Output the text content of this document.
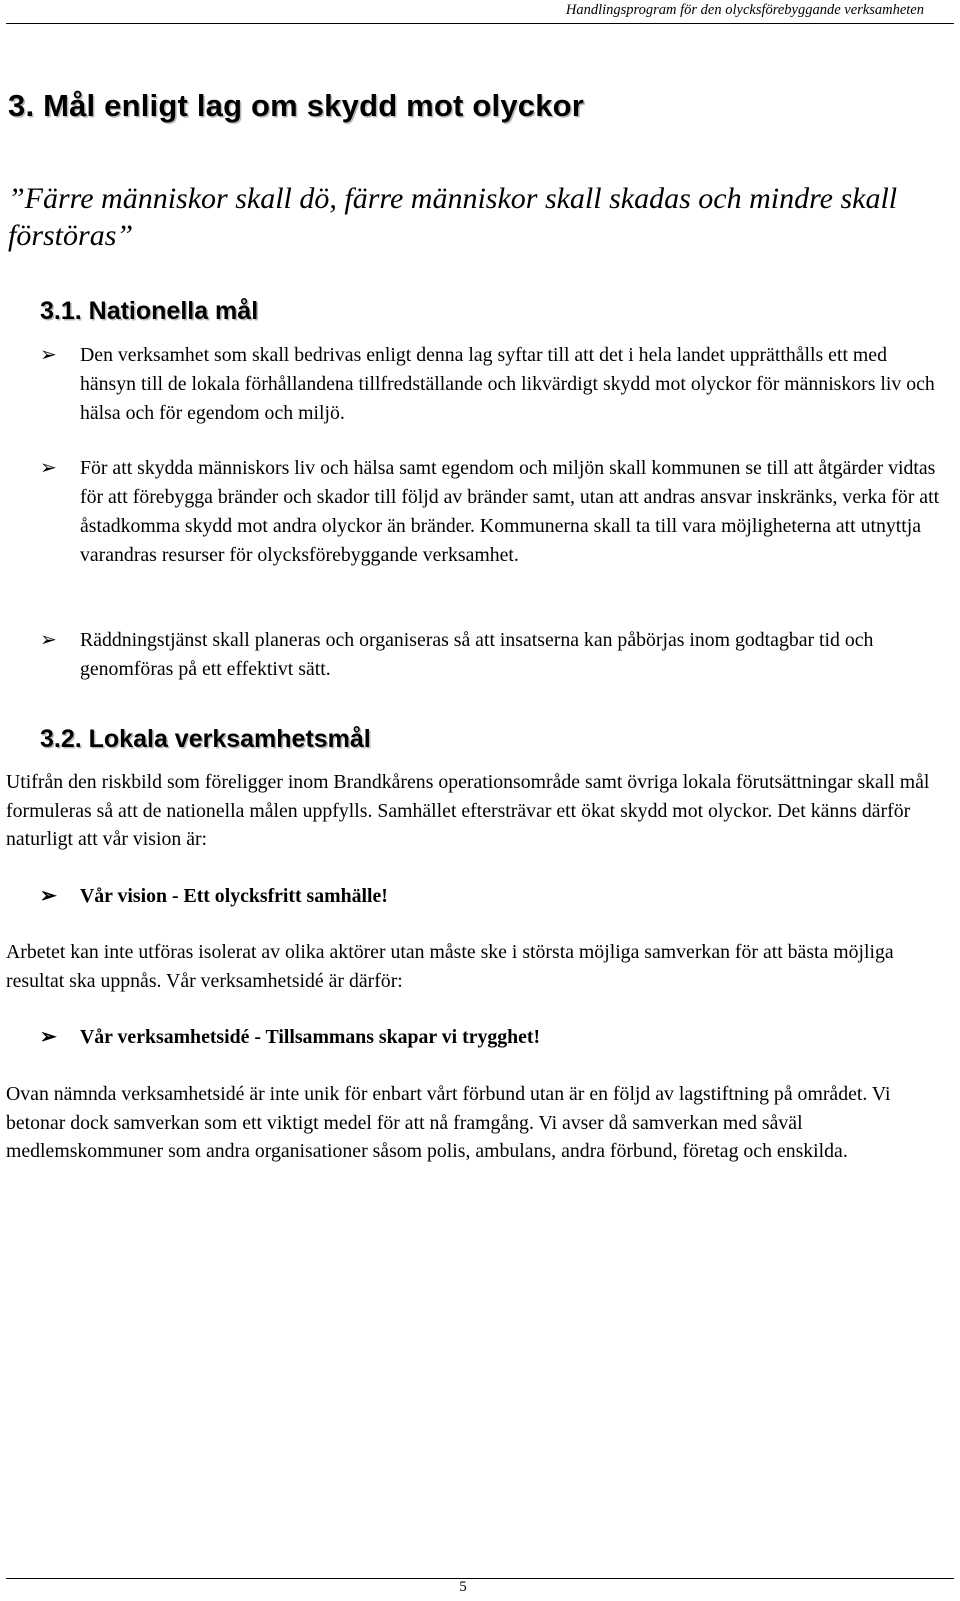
Handlingsprogram för den olycksförebyggande verksamheten
3. Mål enligt lag om skydd mot olyckor
”Färre människor skall dö, färre människor skall skadas och mindre skall förstöras”
3.1. Nationella mål
➢ Den verksamhet som skall bedrivas enligt denna lag syftar till att det i hela landet upprätthålls ett med hänsyn till de lokala förhållandena tillfredställande och likvärdigt skydd mot olyckor för människors liv och hälsa och för egendom och miljö.
➢ För att skydda människors liv och hälsa samt egendom och miljön skall kommunen se till att åtgärder vidtas för att förebygga bränder och skador till följd av bränder samt, utan att andras ansvar inskränks, verka för att åstadkomma skydd mot andra olyckor än bränder. Kommunerna skall ta till vara möjligheterna att utnyttja varandras resurser för olycksförebyggande verksamhet.
➢ Räddningstjänst skall planeras och organiseras så att insatserna kan påbörjas inom godtagbar tid och genomföras på ett effektivt sätt.
3.2. Lokala verksamhetsmål
Utifrån den riskbild som föreligger inom Brandkårens operationsområde samt övriga lokala förutsättningar skall mål formuleras så att de nationella målen uppfylls. Samhället eftersträvar ett ökat skydd mot olyckor. Det känns därför naturligt att vår vision är:
➢ Vår vision - Ett olycksfritt samhälle!
Arbetet kan inte utföras isolerat av olika aktörer utan måste ske i största möjliga samverkan för att bästa möjliga resultat ska uppnås. Vår verksamhetsidé är därför:
➢ Vår verksamhetsidé - Tillsammans skapar vi trygghet!
Ovan nämnda verksamhetsidé är inte unik för enbart vårt förbund utan är en följd av lagstiftning på området. Vi betonar dock samverkan som ett viktigt medel för att nå framgång. Vi avser då samverkan med såväl medlemskommuner som andra organisationer såsom polis, ambulans, andra förbund, företag och enskilda.
5
